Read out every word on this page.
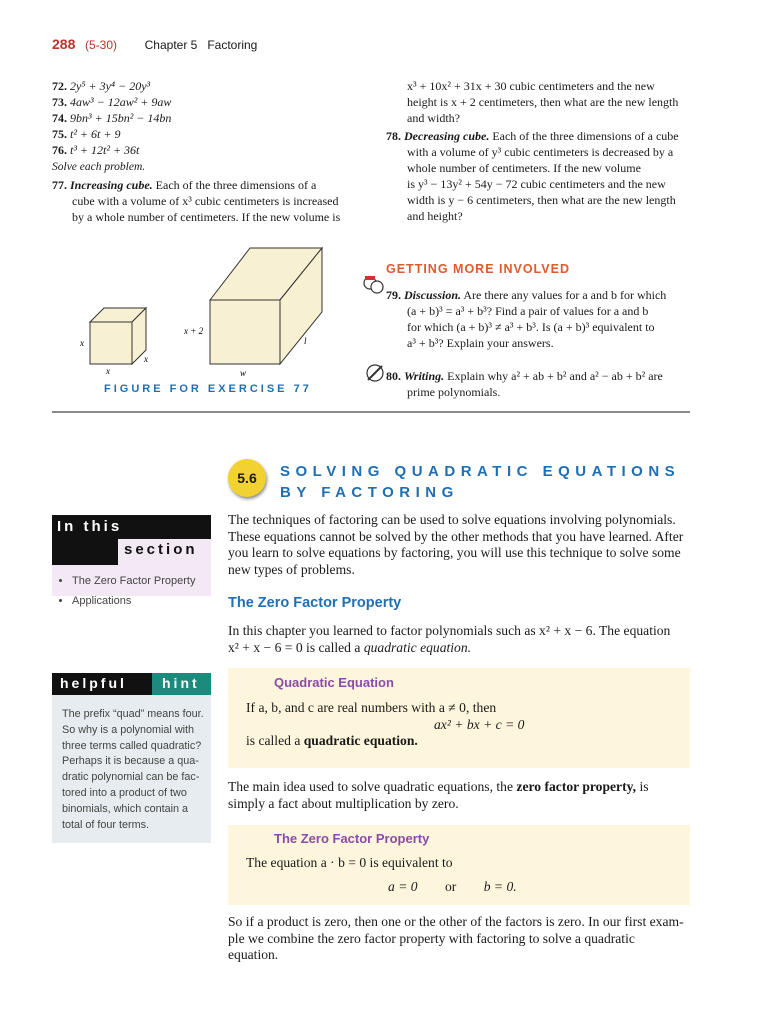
288 (5-30) Chapter 5   Factoring
72. 2y⁵ + 3y⁴ − 20y³
73. 4aw³ − 12aw² + 9aw
74. 9bn³ + 15bn² − 14bn
75. t² + 6t + 9
76. t³ + 12t² + 36t
Solve each problem.
77. Increasing cube. Each of the three dimensions of a
cube with a volume of x³ cubic centimeters is increased
by a whole number of centimeters. If the new volume is
x³ + 10x² + 31x + 30 cubic centimeters and the new
height is x + 2 centimeters, then what are the new length
and width?
78. Decreasing cube. Each of the three dimensions of a cube
with a volume of y³ cubic centimeters is decreased by a
whole number of centimeters. If the new volume
is y³ − 13y² + 54y − 72 cubic centimeters and the new
width is y − 6 centimeters, then what are the new length
and height?
x
x
x
x + 2
w
l
FIGURE FOR EXERCISE 77
GETTING MORE INVOLVED
79. Discussion. Are there any values for a and b for which
(a + b)³ = a³ + b³? Find a pair of values for a and b
for which (a + b)³ ≠ a³ + b³. Is (a + b)³ equivalent to
a³ + b³? Explain your answers.
80. Writing. Explain why a² + ab + b² and a² − ab + b² are
prime polynomials.
5.6 SOLVING QUADRATIC EQUATIONS
BY FACTORING
In this
section
• The Zero Factor Property
• Applications
helpful	hint
The prefix “quad” means four.
So why is a polynomial with
three terms called quadratic?
Perhaps it is because a qua-
dratic polynomial can be fac-
tored into a product of two
binomials, which contain a
total of four terms.
The techniques of factoring can be used to solve equations involving polynomials.
These equations cannot be solved by the other methods that you have learned. After
you learn to solve equations by factoring, you will use this technique to solve some
new types of problems.
The Zero Factor Property
In this chapter you learned to factor polynomials such as x² + x − 6. The equation
x² + x − 6 = 0 is called a quadratic equation.
Quadratic Equation
If a, b, and c are real numbers with a ≠ 0, then
ax² + bx + c = 0
is called a quadratic equation.
The main idea used to solve quadratic equations, the zero factor property, is
simply a fact about multiplication by zero.
The Zero Factor Property
The equation a · b = 0 is equivalent to
a = 0 or b = 0.
So if a product is zero, then one or the other of the factors is zero. In our first exam-
ple we combine the zero factor property with factoring to solve a quadratic
equation.
